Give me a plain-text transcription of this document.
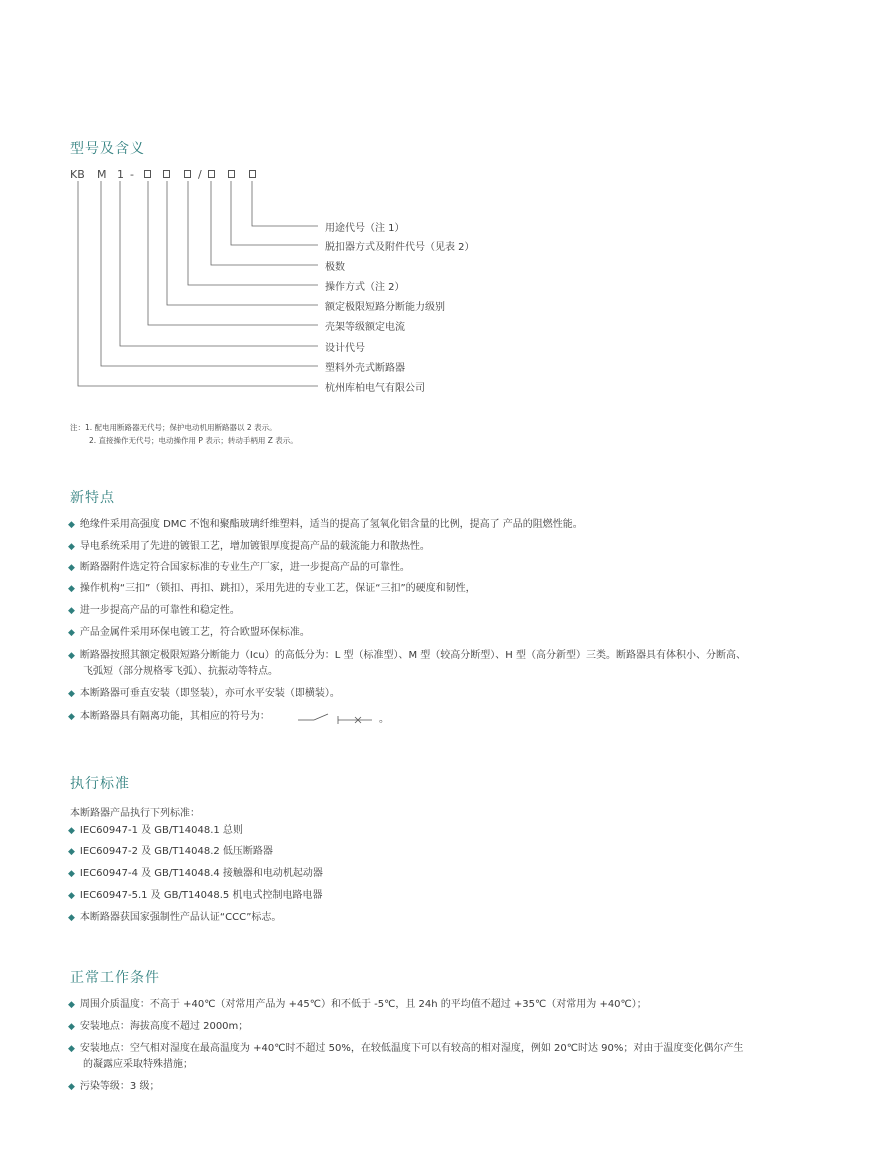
型号及含义
KB M 1 -	/
用途代号（注 1）
脱扣器方式及附件代号（见表 2）
极数
操作方式（注 2）
额定极限短路分断能力级别
壳架等级额定电流
设计代号
塑料外壳式断路器
杭州库柏电气有限公司
注：1. 配电用断路器无代号；保护电动机用断路器以 2 表示。
2. 直接操作无代号；电动操作用 P 表示；转动手柄用 Z 表示。
新特点
◆ 绝缘件采用高强度 DMC 不饱和聚酯玻璃纤维塑料，适当的提高了氢氧化铝含量的比例，提高了 产品的阻燃性能。
◆ 导电系统采用了先进的镀银工艺，增加镀银厚度提高产品的载流能力和散热性。
◆ 断路器附件选定符合国家标准的专业生产厂家，进一步提高产品的可靠性。
◆ 操作机构“三扣”（锁扣、再扣、跳扣），采用先进的专业工艺，保证“三扣”的硬度和韧性，
◆ 进一步提高产品的可靠性和稳定性。
◆ 产品金属件采用环保电镀工艺，符合欧盟环保标准。
◆ 断路器按照其额定极限短路分断能力（Icu）的高低分为：L 型（标准型）、M 型（较高分断型）、H 型（高分新型）三类。断路器具有体积小、分断高、
飞弧短（部分规格零飞弧）、抗振动等特点。
◆ 本断路器可垂直安装（即竖装），亦可水平安装（即横装）。
◆ 本断路器具有隔离功能，其相应的符号为：	。
执行标准
本断路器产品执行下列标准：
◆ IEC60947-1 及 GB/T14048.1 总则
◆ IEC60947-2 及 GB/T14048.2 低压断路器
◆ IEC60947-4 及 GB/T14048.4 接触器和电动机起动器
◆ IEC60947-5.1 及 GB/T14048.5 机电式控制电路电器
◆ 本断路器获国家强制性产品认证“CCC”标志。
正常工作条件
◆ 周围介质温度：不高于 +40℃（对常用产品为 +45℃）和不低于 -5℃，且 24h 的平均值不超过 +35℃（对常用为 +40℃）；
◆ 安装地点：海拔高度不超过 2000m；
◆ 安装地点：空气相对湿度在最高温度为 +40℃时不超过 50%，在较低温度下可以有较高的相对湿度，例如 20℃时达 90%；对由于温度变化偶尔产生
的凝露应采取特殊措施；
◆ 污染等级：3 级；
